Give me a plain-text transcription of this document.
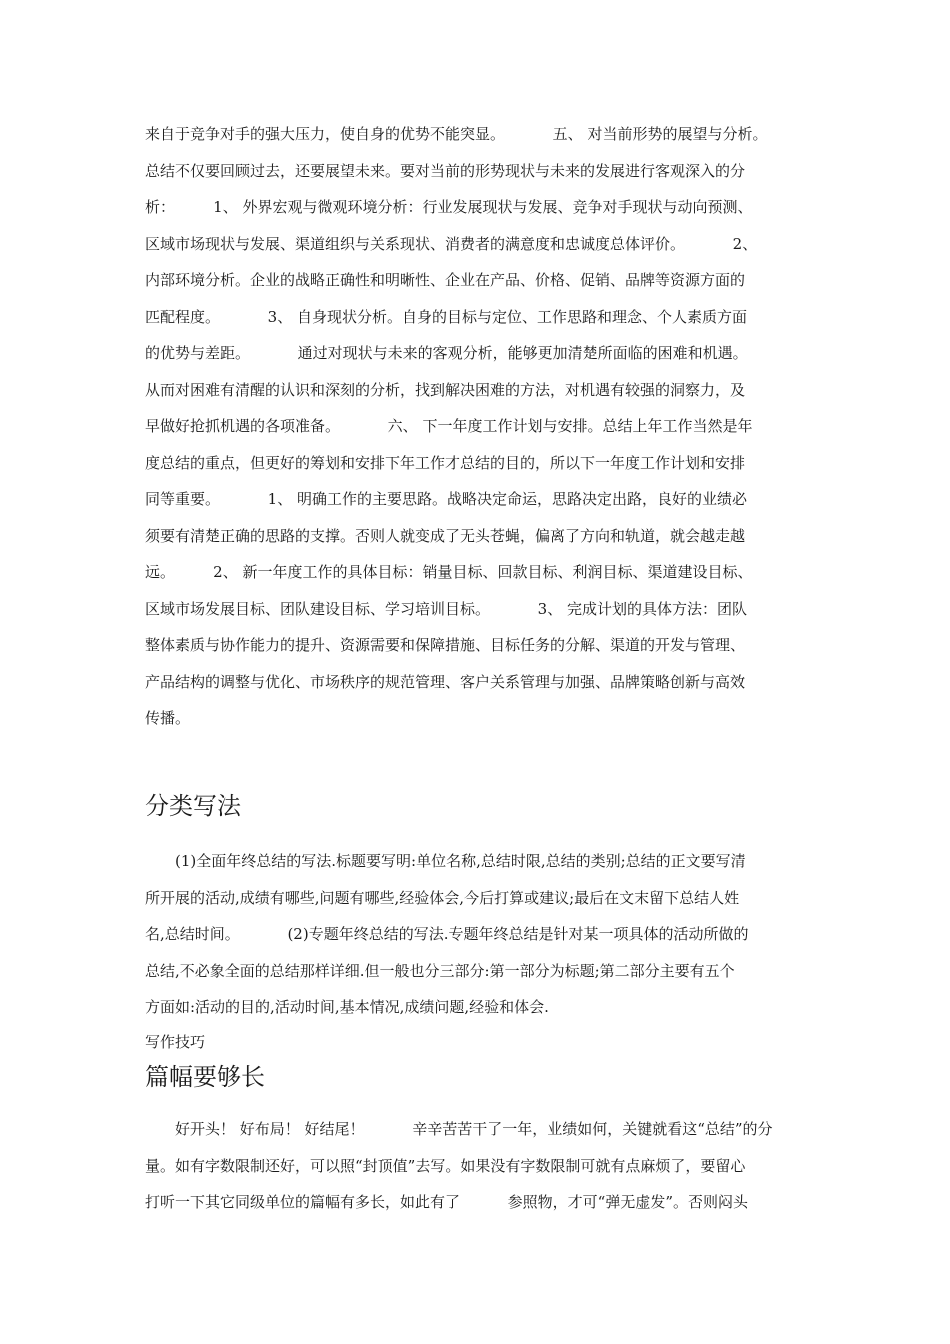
来自于竞争对手的强大压力，使自身的优势不能突显。          五、 对当前形势的展望与分析。

总结不仅要回顾过去，还要展望未来。要对当前的形势现状与未来的发展进行客观深入的分

析：        1、 外界宏观与微观环境分析：行业发展现状与发展、竞争对手现状与动向预测、

区域市场现状与发展、渠道组织与关系现状、消费者的满意度和忠诚度总体评价。          2、

内部环境分析。企业的战略正确性和明晰性、企业在产品、价格、促销、品牌等资源方面的

匹配程度。          3、 自身现状分析。自身的目标与定位、工作思路和理念、个人素质方面

的优势与差距。          通过对现状与未来的客观分析，能够更加清楚所面临的困难和机遇。

从而对困难有清醒的认识和深刻的分析，找到解决困难的方法，对机遇有较强的洞察力，及

早做好抢抓机遇的各项准备。          六、 下一年度工作计划与安排。总结上年工作当然是年

度总结的重点，但更好的筹划和安排下年工作才总结的目的，所以下一年度工作计划和安排

同等重要。          1、 明确工作的主要思路。战略决定命运，思路决定出路，良好的业绩必

须要有清楚正确的思路的支撑。否则人就变成了无头苍蝇，偏离了方向和轨道，就会越走越

远。        2、 新一年度工作的具体目标：销量目标、回款目标、利润目标、渠道建设目标、

区域市场发展目标、团队建设目标、学习培训目标。          3、 完成计划的具体方法：团队

整体素质与协作能力的提升、资源需要和保障措施、目标任务的分解、渠道的开发与管理、

产品结构的调整与优化、市场秩序的规范管理、客户关系管理与加强、品牌策略创新与高效

传播。

分类写法

(1)全面年终总结的写法.标题要写明:单位名称,总结时限,总结的类别;总结的正文要写清

所开展的活动,成绩有哪些,问题有哪些,经验体会,今后打算或建议;最后在文末留下总结人姓

名,总结时间。          (2)专题年终总结的写法.专题年终总结是针对某一项具体的活动所做的

总结,不必象全面的总结那样详细.但一般也分三部分:第一部分为标题;第二部分主要有五个

方面如:活动的目的,活动时间,基本情况,成绩问题,经验和体会.

写作技巧

篇幅要够长

好开头！ 好布局！ 好结尾！          辛辛苦苦干了一年，业绩如何，关键就看这“总结”的分

量。如有字数限制还好，可以照“封顶值”去写。如果没有字数限制可就有点麻烦了，要留心

打听一下其它同级单位的篇幅有多长，如此有了          参照物，才可“弹无虚发”。否则闷头
